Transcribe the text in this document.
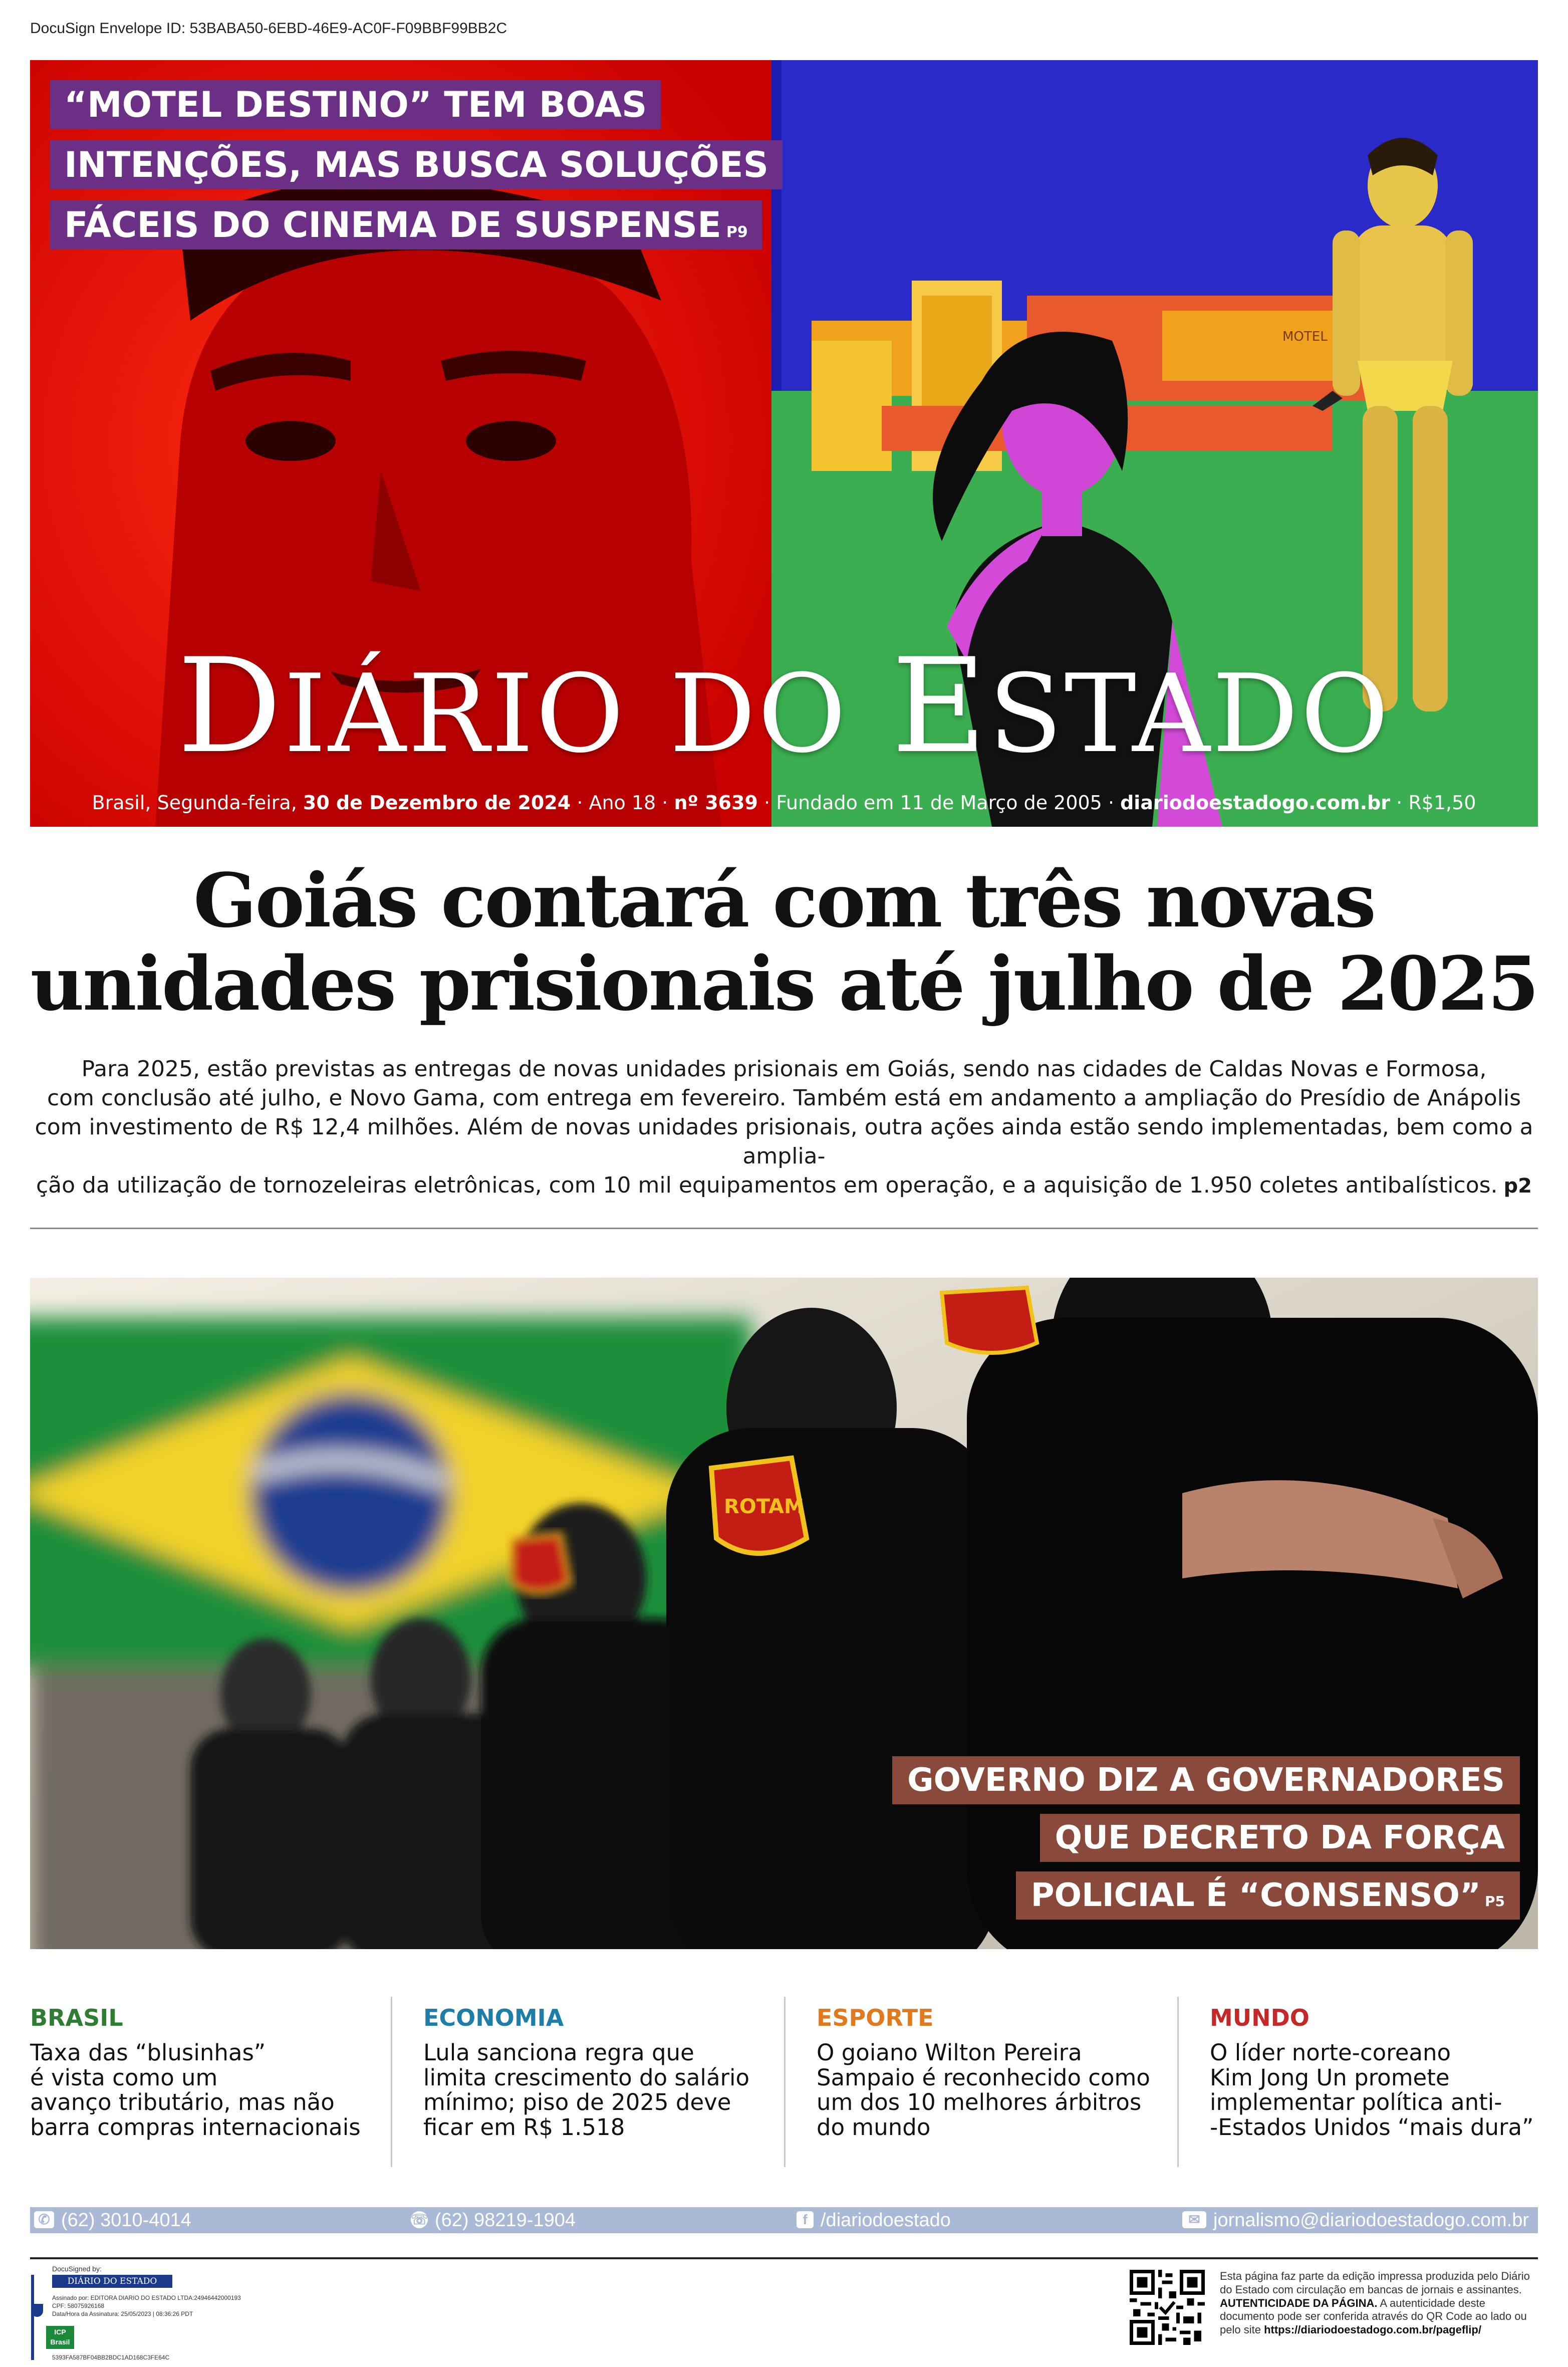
DocuSign Envelope ID: 53BABA50-6EBD-46E9-AC0F-F09BBF99BB2C
MOTEL
“MOTEL DESTINO” TEM BOAS
INTENÇÕES, MAS BUSCA SOLUÇÕES
FÁCEIS DO CINEMA DE SUSPENSE P9
DIÁRIO DO ESTADO
Brasil, Segunda-feira, 30 de Dezembro de 2024 · Ano 18 · nº 3639 · Fundado em 11 de Março de 2005 · diariodoestadogo.com.br · R$1,50
Goiás contará com três novas
unidades prisionais até julho de 2025
Para 2025, estão previstas as entregas de novas unidades prisionais em Goiás, sendo nas cidades de Caldas Novas e Formosa,
com conclusão até julho, e Novo Gama, com entrega em fevereiro. Também está em andamento a ampliação do Presídio de Anápolis
com investimento de R$ 12,4 milhões. Além de novas unidades prisionais, outra ações ainda estão sendo implementadas, bem como a amplia-
ção da utilização de tornozeleiras eletrônicas, com 10 mil equipamentos em operação, e a aquisição de 1.950 coletes antibalísticos. p2
ROTAM
GOVERNO DIZ A GOVERNADORES
QUE DECRETO DA FORÇA
POLICIAL É “CONSENSO” P5
BRASIL

Taxa das “blusinhas”

é vista como um

avanço tributário, mas não

barra compras internacionais

ECONOMIA

Lula sanciona regra que

limita crescimento do salário

mínimo; piso de 2025 deve

ficar em R$ 1.518

ESPORTE

O goiano Wilton Pereira

Sampaio é reconhecido como

um dos 10 melhores árbitros

do mundo

MUNDO

O líder norte-coreano

Kim Jong Un promete

implementar política anti-

-Estados Unidos “mais dura”

✆ (62) 3010-4014	☏ (62) 98219-1904	f /diariodoestado	✉ jornalismo@diariodoestadogo.com.br
DocuSigned by:
DIÁRIO DO ESTADO
Assinado por: EDITORA DIARIO DO ESTADO LTDA:24946442000193
CPF: 58075926168
Data/Hora da Assinatura: 25/05/2023 | 08:36:26 PDT
ICP Brasil
5393FA587BF04BB2BDC1AD168C3FE64C
Esta página faz parte da edição impressa produzida pelo Diário do Estado com circulação em bancas de jornais e assinantes.
AUTENTICIDADE DA PÁGINA. A autenticidade deste documento pode ser conferida através do QR Code ao lado ou pelo site https://diariodoestadogo.com.br/pageflip/
